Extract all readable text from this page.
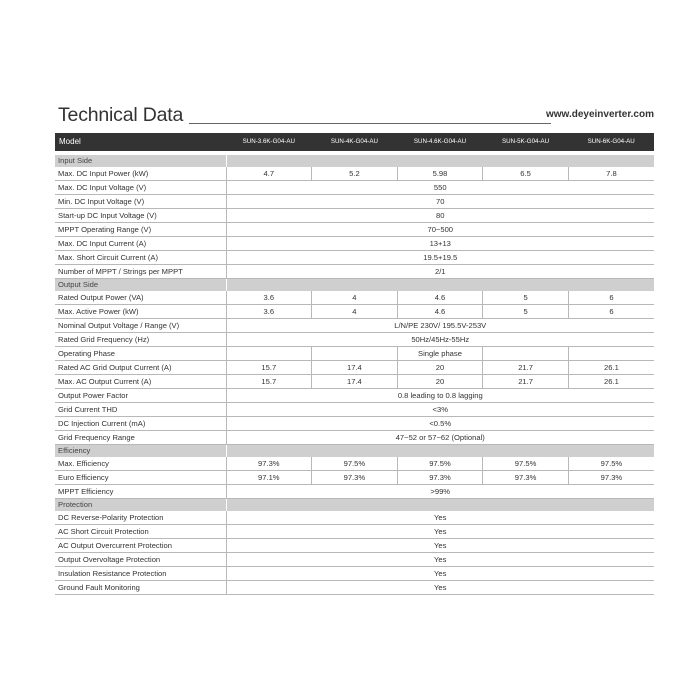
Technical Data	www.deyeinverter.com
Model	SUN-3.6K-G04-AU	SUN-4K-G04-AU	SUN-4.6K-G04-AU	SUN-5K-G04-AU	SUN-6K-G04-AU

Input Side					
Max. DC Input Power (kW)	4.7	5.2	5.98	6.5	7.8
Max. DC Input Voltage (V)	550				
Min. DC Input Voltage (V)	70				
Start-up DC Input Voltage (V)	80				
MPPT Operating Range (V)	70~500				
Max. DC Input Current (A)	13+13				
Max. Short Circuit Current (A)	19.5+19.5				
Number of MPPT / Strings per MPPT	2/1				
Output Side					
Rated Output Power (VA)	3.6	4	4.6	5	6
Max. Active Power (kW)	3.6	4	4.6	5	6
Nominal Output Voltage / Range (V)	L/N/PE 230V/ 195.5V-253V				
Rated Grid Frequency (Hz)	50Hz/45Hz-55Hz				
Operating Phase			Single phase		
Rated AC Grid Output Current (A)	15.7	17.4	20	21.7	26.1
Max. AC Output Current (A)	15.7	17.4	20	21.7	26.1
Output Power Factor	0.8 leading to 0.8 lagging				
Grid Current THD	<3%				
DC Injection Current (mA)	<0.5%				
Grid Frequency Range	47~52 or 57~62 (Optional)				
Efficiency					
Max. Efficiency	97.3%	97.5%	97.5%	97.5%	97.5%
Euro Efficiency	97.1%	97.3%	97.3%	97.3%	97.3%
MPPT Efficiency	>99%				
Protection					
DC Reverse-Polarity Protection	Yes				
AC Short Circuit Protection	Yes				
AC Output Overcurrent Protection	Yes				
Output Overvoltage Protection	Yes				
Insulation Resistance Protection	Yes				
Ground Fault Monitoring	Yes				
